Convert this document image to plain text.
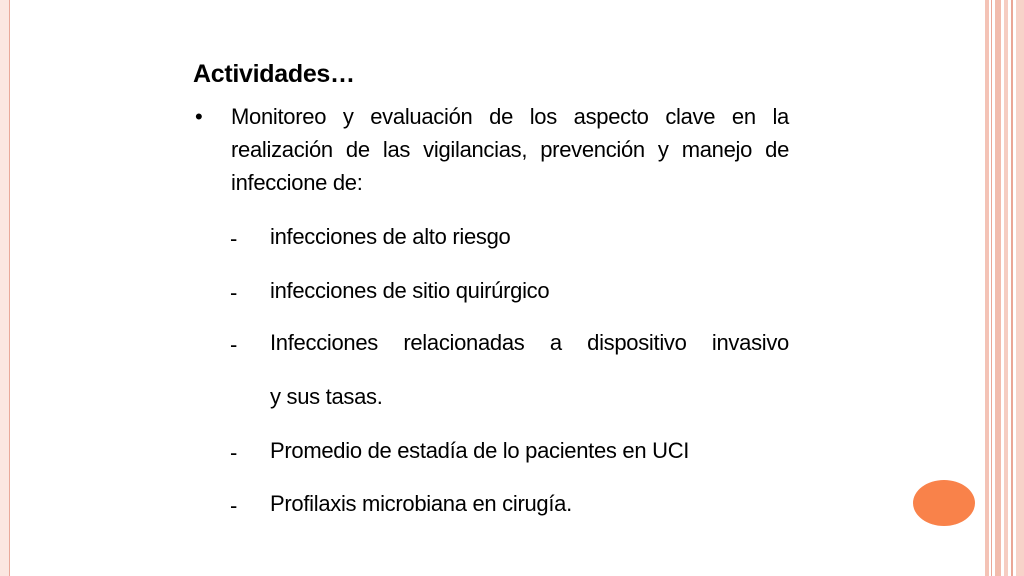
Actividades…
• Monitoreo y evaluación de los aspecto clave en la realización de las vigilancias, prevención y manejo de infeccione de:
- infecciones de alto riesgo
- infecciones de sitio quirúrgico
- Infecciones relacionadas a dispositivo invasivo
y sus tasas.
- Promedio de estadía de lo pacientes en UCI
- Profilaxis microbiana en cirugía.
